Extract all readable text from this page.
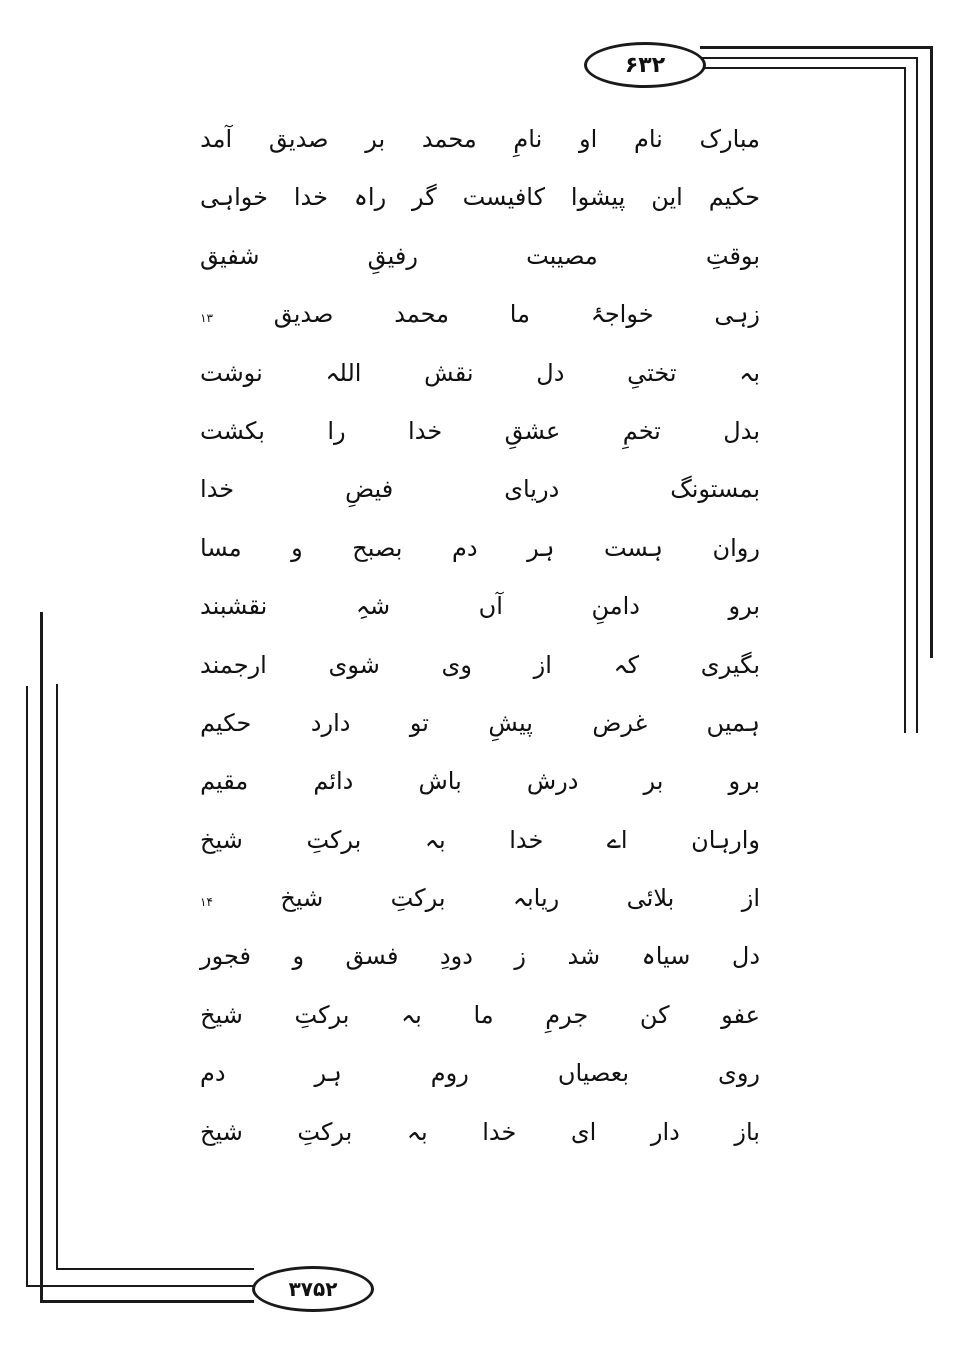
۶۳۲
۳۷۵۲
مبارک
نام
او
نامِ
محمد
بر
صدیق
آمد
حکیم
این
پیشوا
کافیست
گر
راہ
خدا
خواہی
بوقتِ
مصیبت
رفیقِ
شفیق
زہی
خواجۂ
ما
محمد
صدیق
۱۳
بہ
تختیِ
دل
نقش
اللہ
نوشت
بدل
تخمِ
عشقِ
خدا
را
بکشت
بمستونگ
دریای
فیضِ
خدا
روان
ہست
ہر
دم
بصبح
و
مسا
برو
دامنِ
آں
شہِ
نقشبند
بگیری
کہ
از
وی
شوی
ارجمند
ہمیں
غرض
پیشِ
تو
دارد
حکیم
برو
بر
درش
باش
دائم
مقیم
وارہان
اے
خدا
بہ
برکتِ
شیخ
از
بلائی
ریابہ
برکتِ
شیخ
۱۴
دل
سیاہ
شد
ز
دودِ
فسق
و
فجور
عفو
کن
جرمِ
ما
بہ
برکتِ
شیخ
روی
بعصیاں
روم
ہر
دم
باز
دار
ای
خدا
بہ
برکتِ
شیخ
